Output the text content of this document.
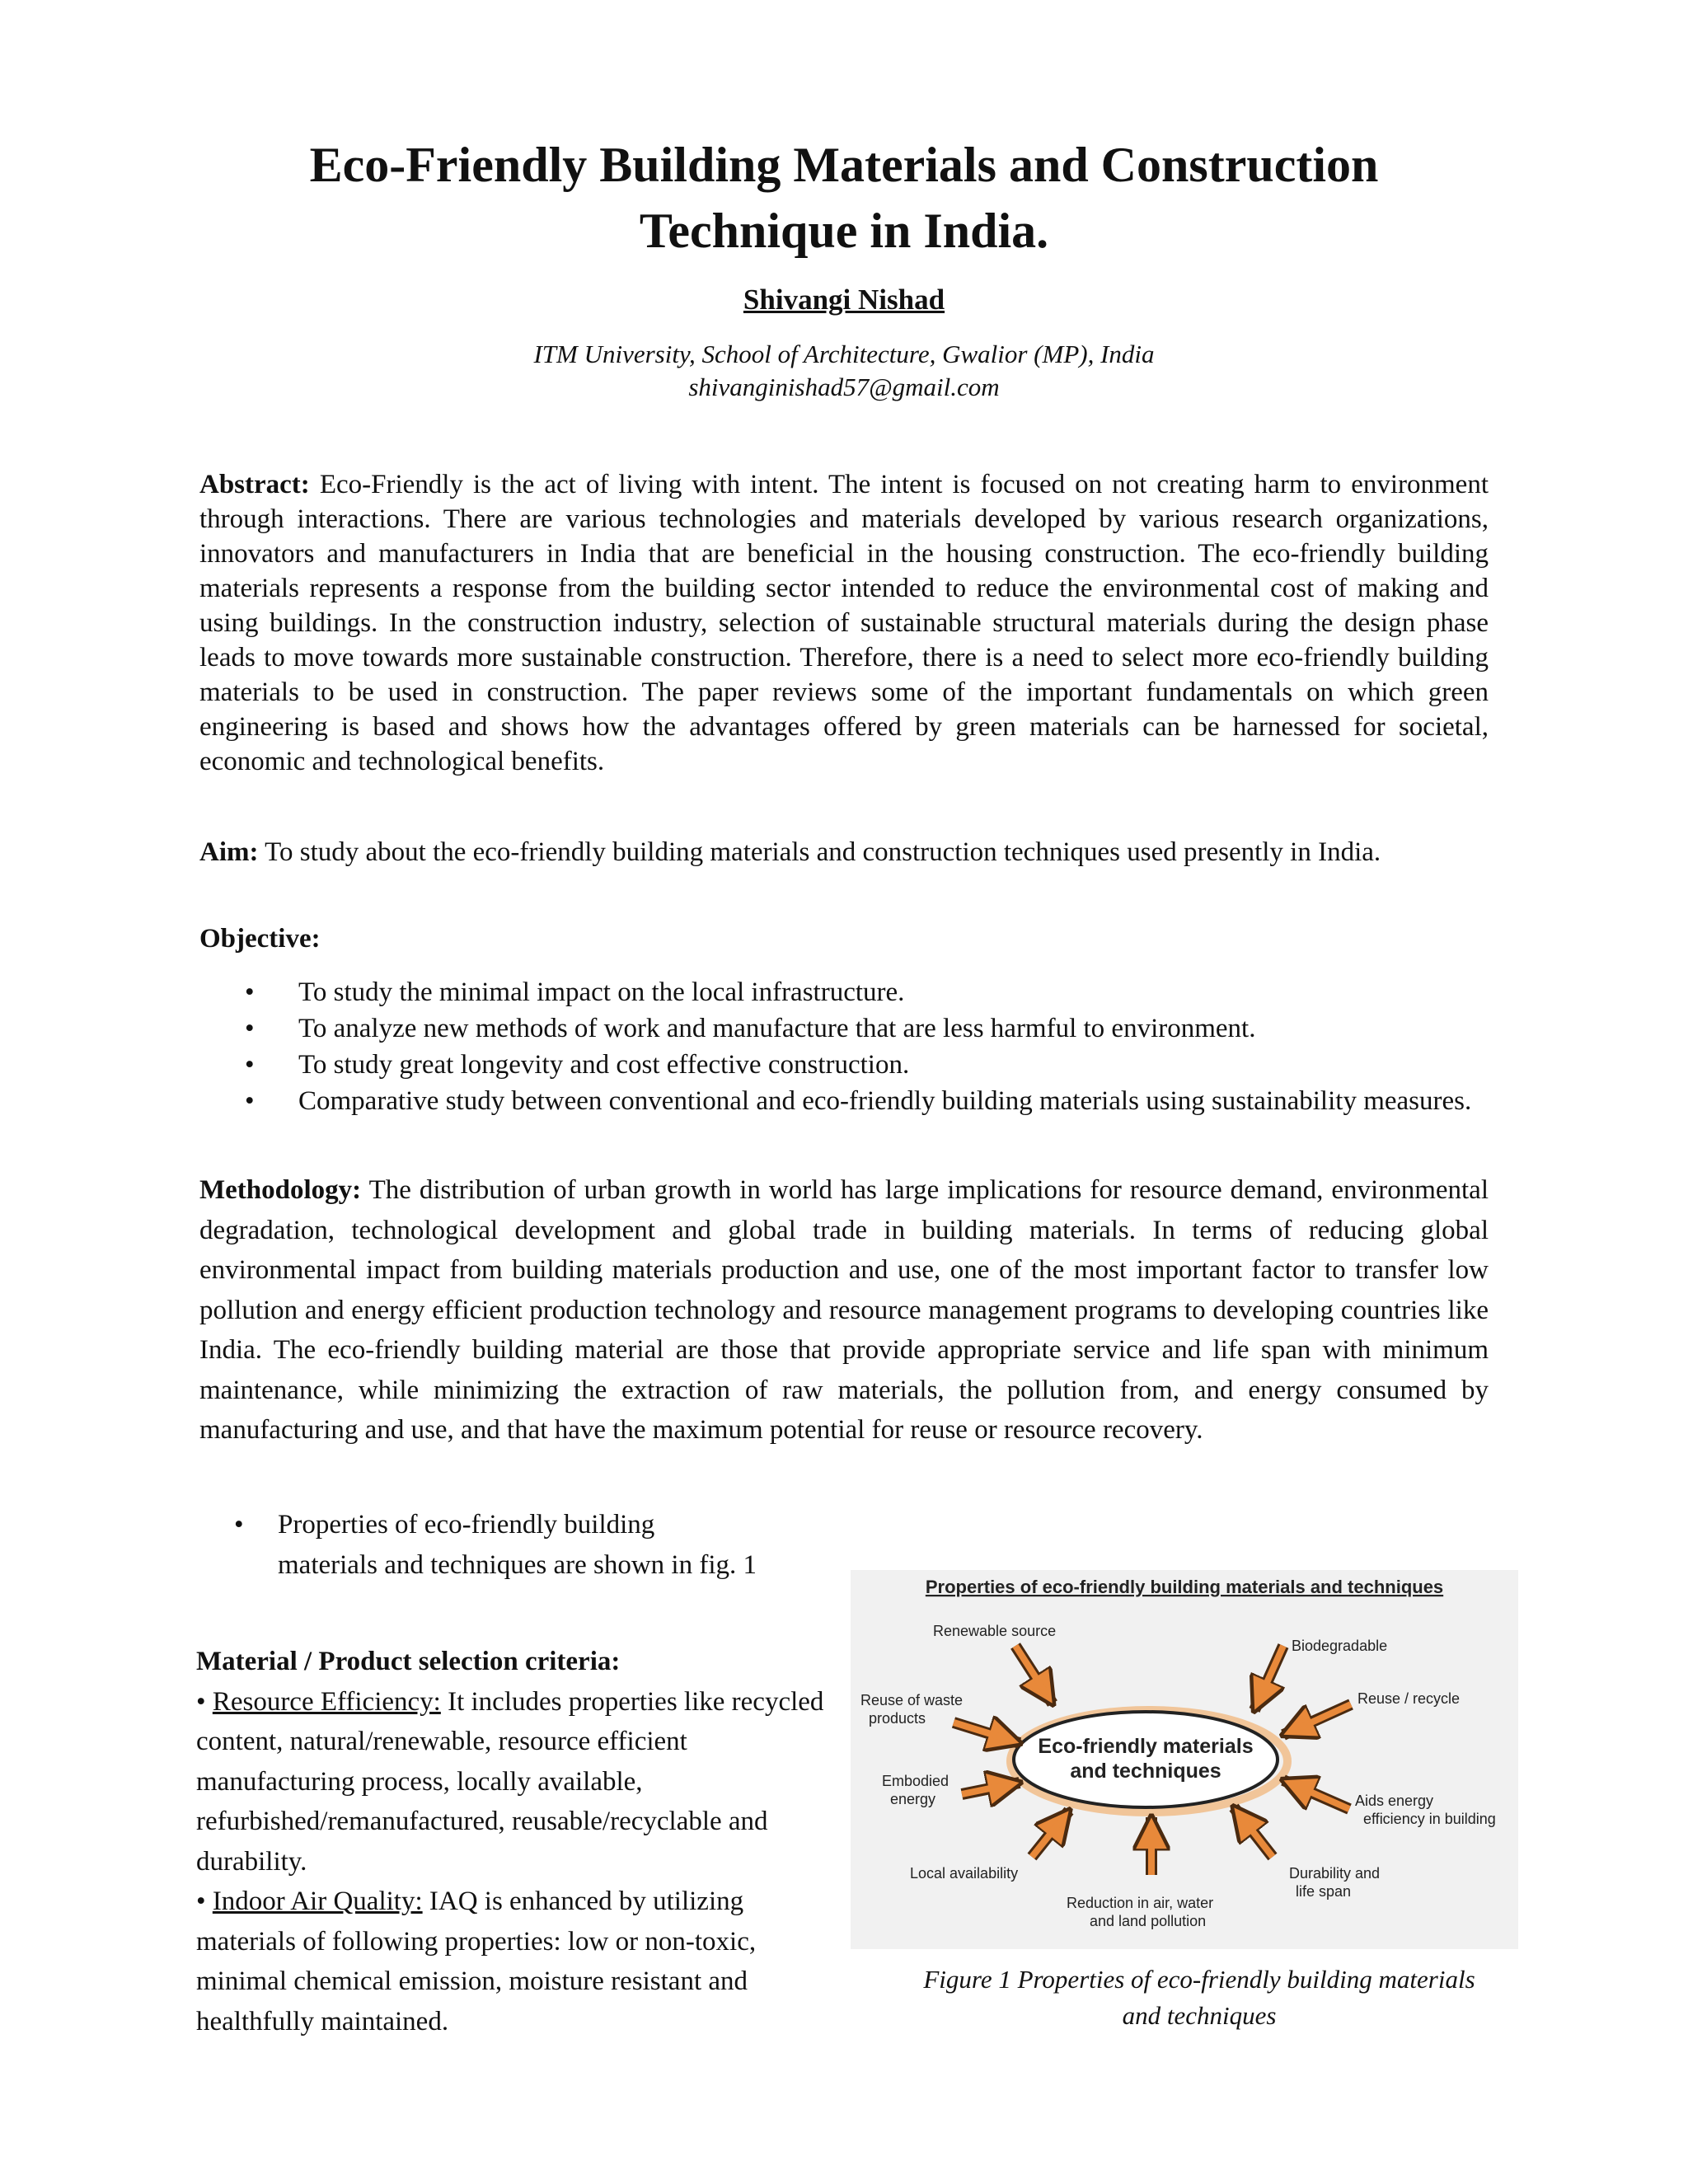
Eco-Friendly Building Materials and Construction Technique in India.
Shivangi Nishad
ITM University, School of Architecture, Gwalior (MP), India
shivanginishad57@gmail.com
Abstract: Eco-Friendly is the act of living with intent. The intent is focused on not creating harm to environment through interactions. There are various technologies and materials developed by various research organizations, innovators and manufacturers in India that are beneficial in the housing construction. The eco-friendly building materials represents a response from the building sector intended to reduce the environmental cost of making and using buildings. In the construction industry, selection of sustainable structural materials during the design phase leads to move towards more sustainable construction. Therefore, there is a need to select more eco-friendly building materials to be used in construction. The paper reviews some of the important fundamentals on which green engineering is based and shows how the advantages offered by green materials can be harnessed for societal, economic and technological benefits.
Aim: To study about the eco-friendly building materials and construction techniques used presently in India.
Objective:
• To study the minimal impact on the local infrastructure.
• To analyze new methods of work and manufacture that are less harmful to environment.
• To study great longevity and cost effective construction.
• Comparative study between conventional and eco-friendly building materials using sustainability measures.
Methodology: The distribution of urban growth in world has large implications for resource demand, environmental degradation, technological development and global trade in building materials. In terms of reducing global environmental impact from building materials production and use, one of the most important factor to transfer low pollution and energy efficient production technology and resource management programs to developing countries like India. The eco-friendly building material are those that provide appropriate service and life span with minimum maintenance, while minimizing the extraction of raw materials, the pollution from, and energy consumed by manufacturing and use, and that have the maximum potential for reuse or resource recovery.
• Properties of eco-friendly building materials and techniques are shown in fig. 1
Material / Product selection criteria:
• Resource Efficiency: It includes properties like recycled content, natural/renewable, resource efficient manufacturing process, locally available, refurbished/remanufactured, reusable/recyclable and durability.
• Indoor Air Quality: IAQ is enhanced by utilizing materials of following properties: low or non-toxic, minimal chemical emission, moisture resistant and healthfully maintained.
Properties of eco-friendly building materials and techniques
Eco-friendly materials
and techniques
Renewable source
Biodegradable
Reuse of waste
products
Reuse / recycle
Embodied
energy	Aids energy
efficiency in building
Local availability	Durability and
life span
Reduction in air, water
and land pollution
Figure 1 Properties of eco-friendly building materials and techniques
